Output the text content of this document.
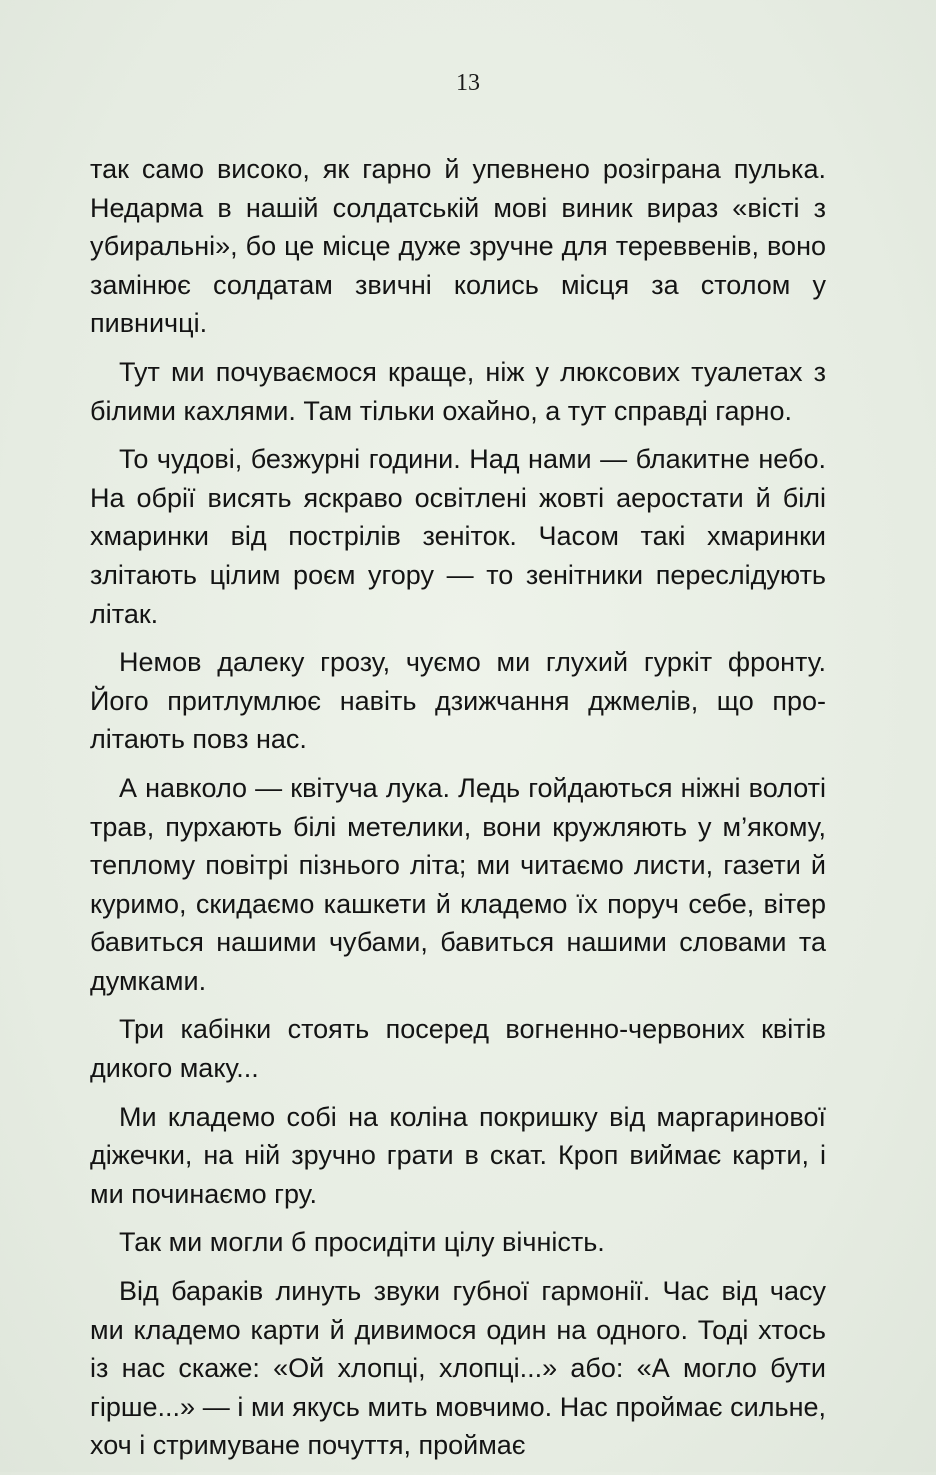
13

так само високо, як гарно й упевнено розіграна пулька. Недарма в нашій солдатській мові виник вираз «вісті з убиральні», бо це місце дуже зручне для тереввенів, воно замінює солдатам звичні колись місця за столом у пивничці.

Тут ми почуваємося краще, ніж у люксових туалетах з білими кахлями. Там тільки охайно, а тут справді гарно.

То чудові, безжурні години. Над нами — блакитне небо. На обрії висять яскраво освітлені жовті аеростати й білі хмаринки від пострілів зеніток. Часом такі хмаринки злітають цілим роєм угору — то зенітники переслідують літак.

Немов далеку грозу, чуємо ми глухий гуркіт фронту. Його притлумлює навіть дзижчання джмелів, що пролітають повз нас.

А навколо — квітуча лука. Ледь гойдаються ніжні волоті трав, пурхають білі метелики, вони кружляють у м’якому, теплому повітрі пізнього літа; ми читаємо листи, газети й куримо, скидаємо кашкети й кладемо їх поруч себе, вітер бавиться нашими чубами, бавиться нашими словами та думками.

Три кабінки стоять посеред вогненно-червоних квітів дикого маку...

Ми кладемо собі на коліна покришку від маргаринової діжечки, на ній зручно грати в скат. Кроп виймає карти, і ми починаємо гру.

Так ми могли б просидіти цілу вічність.

Від бараків линуть звуки губної гармонії. Час від часу ми кладемо карти й дивимося один на одного. Тоді хтось із нас скаже: «Ой хлопці, хлопці...» або: «А могло бути гірше...» — і ми якусь мить мовчимо. Нас проймає сильне, хоч і стримуване почуття, проймає
